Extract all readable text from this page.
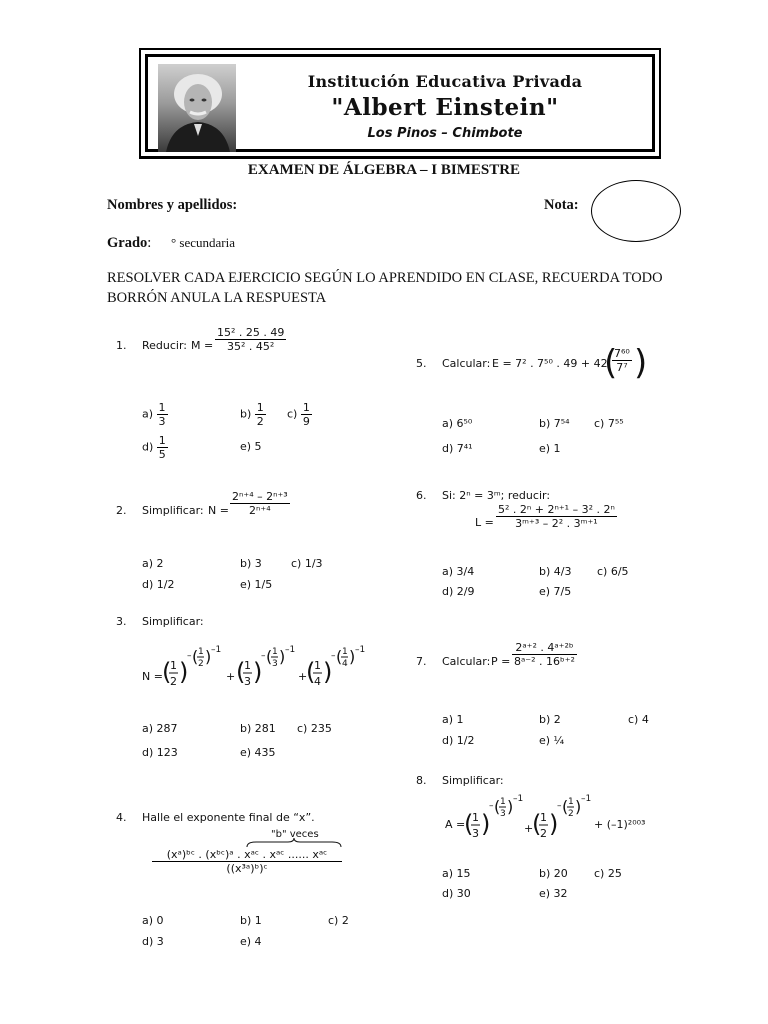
Institución Educativa Privada
"Albert Einstein"
Los Pinos – Chimbote
EXAMEN DE ÁLGEBRA – I BIMESTRE
Nombres y apellidos:	Nota:
Grado: ° secundaria
RESOLVER CADA EJERCICIO SEGÚN LO APRENDIDO EN CLASE, RECUERDA TODO BORRÓN ANULA LA RESPUESTA
1. Reducir: $M = \frac{\text{15² . 25 . 49}}{\text{35² . 45²}}$
$a) \frac{1}{3}$	$b) \frac{1}{2} c) \frac{1}{9}$
$d) \frac{1}{5}$	e) 5
2. Simplificar: $N = \frac{\text{2ⁿ⁺⁴ – 2ⁿ⁺³}}{\text{2ⁿ⁺⁴}}$
a) 2	b) 3	c) 1/3
d) 1/2	e) 1/5
3. Simplificar:
N = (
1
2 )
– ( 1
2 ) –1
+ (
1
3 )
– ( 1
3 ) –1
+
(
1
4 )
– ( 1
4 ) –1
a) 287	b) 281 c) 235
d) 123	e) 435
4. Halle el exponente final de “x”.
"b" veces
(xᵃ)ᵇᶜ . (xᵇᶜ)ᵃ . xᵃᶜ . xᵃᶜ ...... xᵃᶜ
((x³ᵃ)ᵇ)ᶜ
a) 0	b) 1	c) 2
d) 3	e) 4
5. Calcular: E = 7² . 7⁵⁰ . 49 + 42
(
$\frac{\text{7⁶⁰}}{\text{7⁷}}$ )
a) 6⁵⁰	b) 7⁵⁴ c) 7⁵⁵
d) 7⁴¹	e) 1
6. Si: 2ⁿ = 3ᵐ; reducir:
$L = \frac{\text{5² . 2ⁿ + 2ⁿ⁺¹ – 3² . 2ⁿ}}{\text{3ᵐ⁺³ – 2² . 3ᵐ⁺¹}}$
a) 3/4	b) 4/3 c) 6/5
d) 2/9	e) 7/5
7. Calcular: $P = \frac{\text{2ᵃ⁺² . 4ᵃ⁺²ᵇ}}{\text{8ᵃ⁻² . 16ᵇ⁺²}}$
a) 1	b) 2	c) 4
d) 1/2	e) ¼
8. Simplificar:
A =
(
1
3 )
– ( 1
3 ) –1
+
(
1
2 )
– ( 1
2 ) –1
+ (–1)²⁰⁰³
a) 15	b) 20 c) 25
d) 30	e) 32
